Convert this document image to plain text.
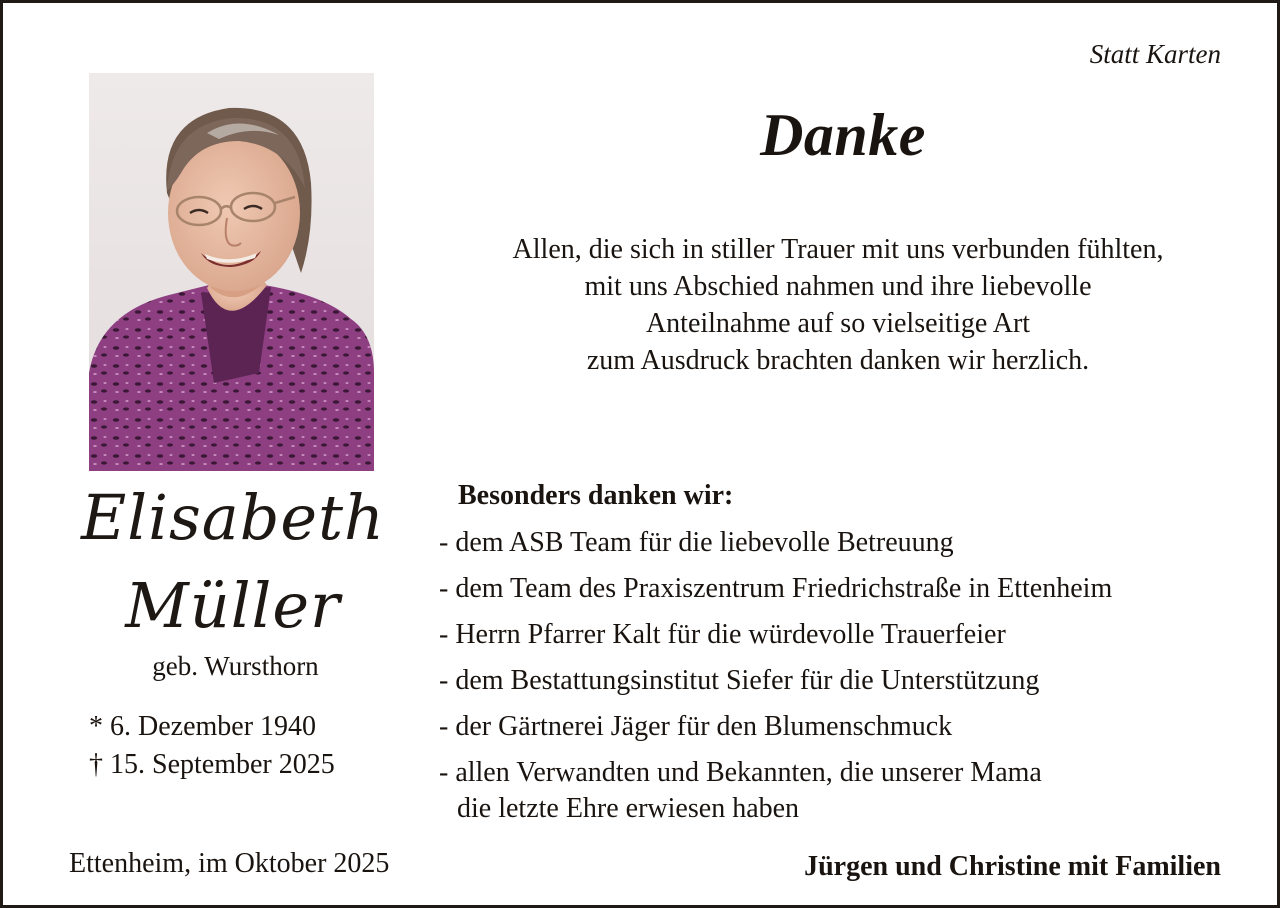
Statt Karten
Danke
Allen, die sich in stiller Trauer mit uns verbunden fühlten,
mit uns Abschied nahmen und ihre liebevolle
Anteilnahme auf so vielseitige Art
zum Ausdruck brachten danken wir herzlich.
Elisabeth
Müller
geb. Wursthorn
* 6. Dezember 1940
† 15. September 2025
Besonders danken wir:
- dem ASB Team für die liebevolle Betreuung
- dem Team des Praxiszentrum Friedrichstraße in Ettenheim
- Herrn Pfarrer Kalt für die würdevolle Trauerfeier
- dem Bestattungsinstitut Siefer für die Unterstützung
- der Gärtnerei Jäger für den Blumenschmuck
- allen Verwandten und Bekannten, die unserer Mama
die letzte Ehre erwiesen haben
Ettenheim, im Oktober 2025	Jürgen und Christine mit Familien
